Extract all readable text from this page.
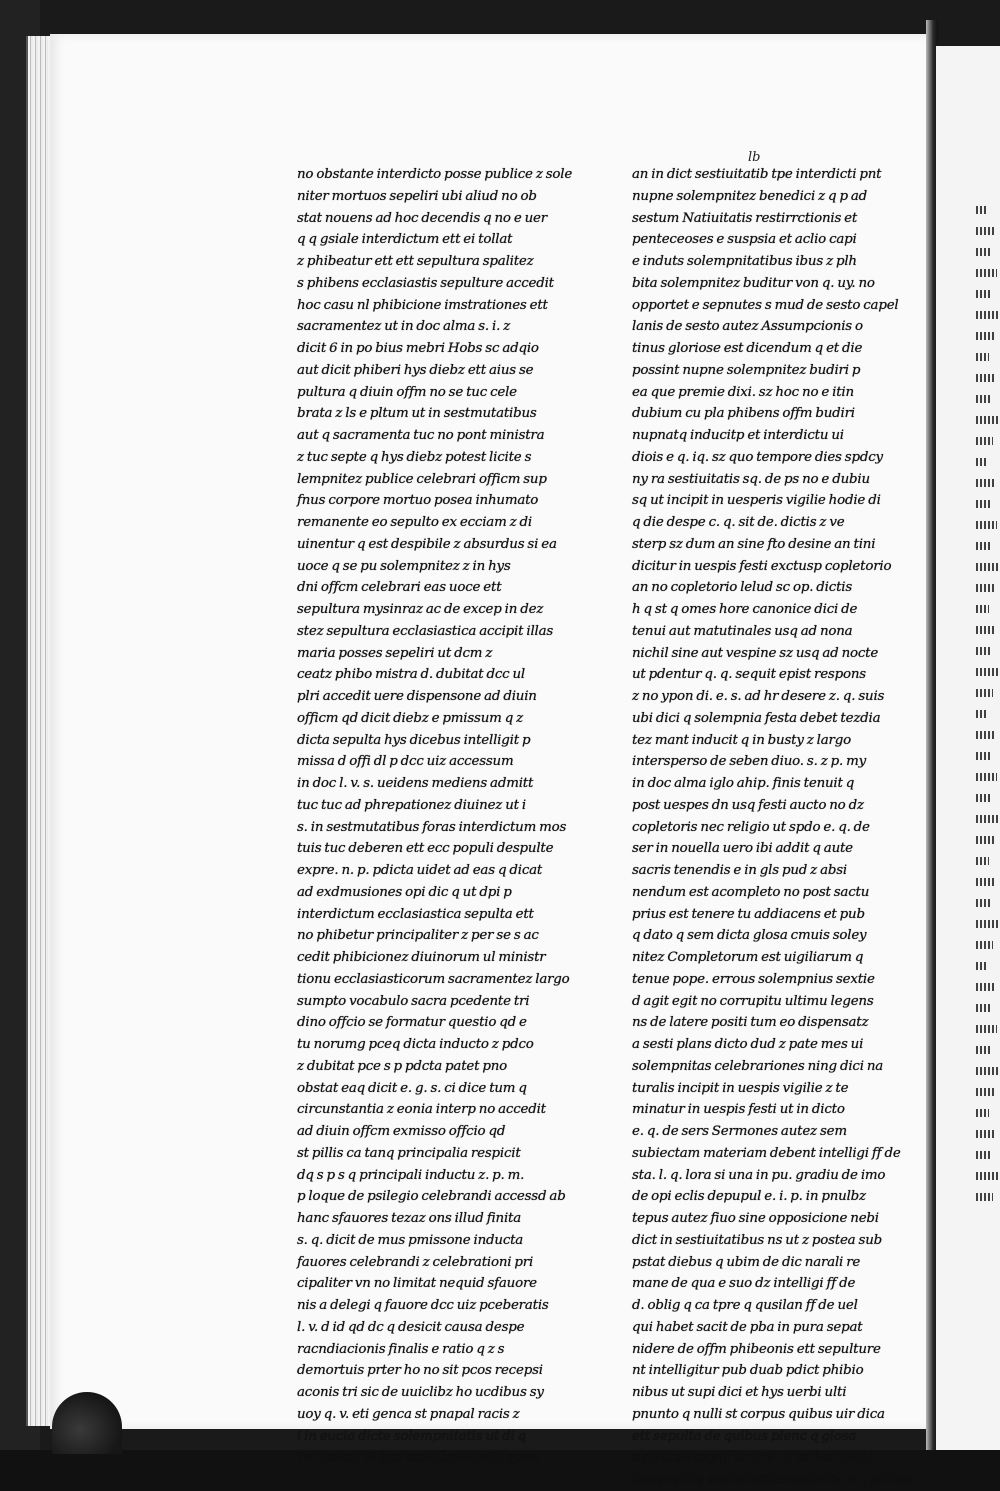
lb
no obstante interdicto posse publice z sole
niter mortuos sepeliri ubi aliud no ob
stat nouens ad hoc decendis q no e uer
q q gsiale interdictum ett ei tollat
z phibeatur ett ett sepultura spalitez
s phibens ecclasiastis sepulture accedit
hoc casu nl phibicione imstrationes ett
sacramentez ut in doc alma s. i. z
dicit 6 in po bius mebri Hobs sc adqio
aut dicit phiberi hys diebz ett aius se
pultura q diuin offm no se tuc cele
brata z ls e pltum ut in sestmutatibus
aut q sacramenta tuc no pont ministra
z tuc septe q hys diebz potest licite s
lempnitez publice celebrari officm sup
fnus corpore mortuo posea inhumato
remanente eo sepulto ex ecciam z di
uinentur q est despibile z absurdus si ea
uoce q se pu solempnitez z in hys
dni offcm celebrari eas uoce ett
sepultura mysinraz ac de excep in dez
stez sepultura ecclasiastica accipit illas
maria posses sepeliri ut dcm z
ceatz phibo mistra d. dubitat dcc ul
plri accedit uere dispensone ad diuin
officm qd dicit diebz e pmissum q z
dicta sepulta hys dicebus intelligit p
missa d offi dl p dcc uiz accessum
in doc l. v. s. ueidens mediens admitt
tuc tuc ad phrepationez diuinez ut i
s. in sestmutatibus foras interdictum mos
tuis tuc deberen ett ecc populi despulte
expre. n. p. pdicta uidet ad eas q dicat
ad exdmusiones opi dic q ut dpi p
interdictum ecclasiastica sepulta ett
no phibetur principaliter z per se s ac
cedit phibicionez diuinorum ul ministr
tionu ecclasiasticorum sacramentez largo
sumpto vocabulo sacra pcedente tri
dino offcio se formatur questio qd e
tu norumg pceq dicta inducto z pdco
z dubitat pce s p pdcta patet pno
obstat eaq dicit e. g. s. ci dice tum q
circunstantia z eonia interp no accedit
ad diuin offcm exmisso offcio qd
st pillis ca tanq principalia respicit
dq s p s q principali inductu z. p. m.
p loque de psilegio celebrandi accessd ab
hanc sfauores tezaz ons illud finita
s. q. dicit de mus pmissone inducta
fauores celebrandi z celebrationi pri
cipaliter vn no limitat nequid sfauore
nis a delegi q fauore dcc uiz pceberatis
l. v. d id qd dc q desicit causa despe
racndiacionis finalis e ratio q z s
demortuis prter ho no sit pcos recepsi
aconis tri sic de uuiclibz ho ucdibus sy
uoy q. v. eti genca st pnapal racis z
i in eucia dicte solempnitatis ut di q
no desicit in hoc casu facuit alid gone
an in dict sestiuitatib tpe interdicti pnt
nupne solempnitez benedici z q p ad
sestum Natiuitatis restirrctionis et
penteceoses e suspsia et aclio capi
e induts solempnitatibus ibus z plh
bita solempnitez buditur von q. uy. no
opportet e sepnutes s mud de sesto capel
lanis de sesto autez Assumpcionis o
tinus gloriose est dicendum q et die
possint nupne solempnitez budiri p
ea que premie dixi. sz hoc no e itin
dubium cu pla phibens offm budiri
nupnatq inducitp et interdictu ui
diois e q. iq. sz quo tempore dies spdcy
ny ra sestiuitatis sq. de ps no e dubiu
sq ut incipit in uesperis vigilie hodie di
q die despe c. q. sit de. dictis z ve
sterp sz dum an sine fto desine an tini
dicitur in uespis festi exctusp copletorio
an no copletorio lelud sc op. dictis
h q st q omes hore canonice dici de
tenui aut matutinales usq ad nona
nichil sine aut vespine sz usq ad nocte
ut pdentur q. q. sequit epist respons
z no ypon di. e. s. ad hr desere z. q. suis
ubi dici q solempnia festa debet tezdia
tez mant inducit q in busty z largo
intersperso de seben diuo. s. z p. my
in doc alma iglo ahip. finis tenuit q
post uespes dn usq festi aucto no dz
copletoris nec religio ut spdo e. q. de
ser in nouella uero ibi addit q aute
sacris tenendis e in gls pud z absi
nendum est acompleto no post sactu
prius est tenere tu addiacens et pub
q dato q sem dicta glosa cmuis soley
nitez Completorum est uigiliarum q
tenue pope. errous solempnius sextie
d agit egit no corrupitu ultimu legens
ns de latere positi tum eo dispensatz
a sesti plans dicto dud z pate mes ui
solempnitas celebrariones ning dici na
turalis incipit in uespis vigilie z te
minatur in uespis festi ut in dicto
e. q. de sers Sermones autez sem
subiectam materiam debent intelligi ff de
sta. l. q. lora si una in pu. gradiu de imo
de opi eclis depupul e. i. p. in pnulbz
tepus autez fiuo sine opposicione nebi
dict in sestiuitatibus ns ut z postea sub
pstat diebus q ubim de dic narali re
mane de qua e suo dz intelligi ff de
d. oblig q ca tpre q qusilan ff de uel
qui habet sacit de pba in pura sepat
nidere de offm phibeonis ett sepulture
nt intelligitur pub duab pdict phibio
nibus ut supi dici et hys uerbi ulti
pnunto q nulli st corpus quibus uir dica
ett sepulta de quibus plenc q glosa
z alios de sepul ex pre. u. sz hec phibi
psequet de ecclasiastica sepultura q phibet
